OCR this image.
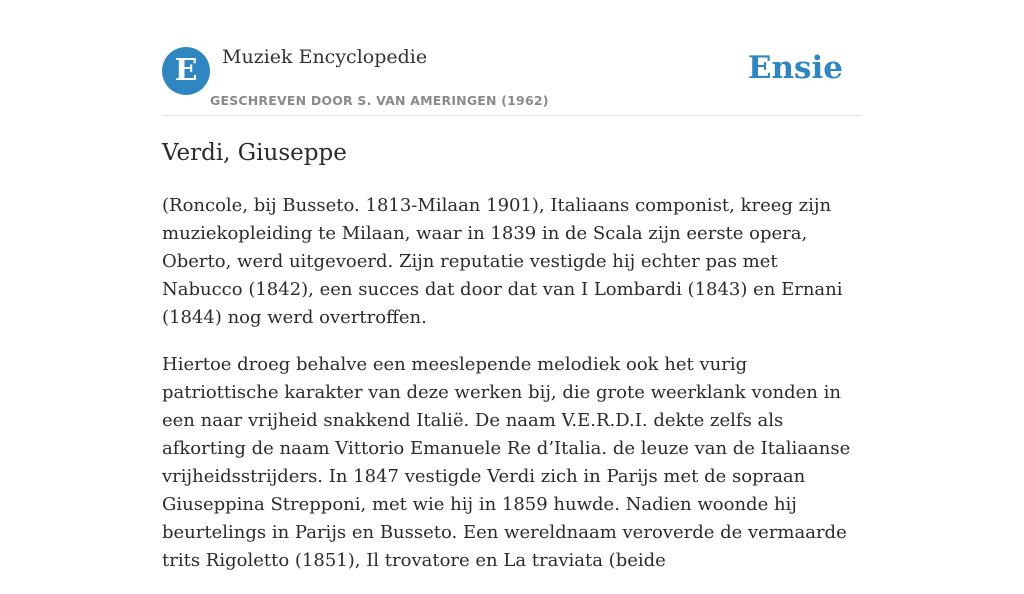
E	Muziek Encyclopedie
GESCHREVEN DOOR S. VAN AMERINGEN (1962)
Ensie
Verdi, Giuseppe

(Roncole, bij Busseto. 1813-Milaan 1901), Italiaans componist, kreeg zijn muziekopleiding te Milaan, waar in 1839 in de Scala zijn eerste opera, Oberto, werd uitgevoerd. Zijn reputatie vestigde hij echter pas met Nabucco (1842), een succes dat door dat van I Lombardi (1843) en Ernani (1844) nog werd overtroffen.

Hiertoe droeg behalve een meeslepende melodiek ook het vurig patriottische karakter van deze werken bij, die grote weerklank vonden in een naar vrijheid snakkend Italië. De naam V.E.R.D.I. dekte zelfs als afkorting de naam Vittorio Emanuele Re d’Italia. de leuze van de Italiaanse vrijheidsstrijders. In 1847 vestigde Verdi zich in Parijs met de sopraan Giuseppina Strepponi, met wie hij in 1859 huwde. Nadien woonde hij beurtelings in Parijs en Busseto. Een wereldnaam veroverde de vermaarde trits Rigoletto (1851), Il trovatore en La traviata (beide
